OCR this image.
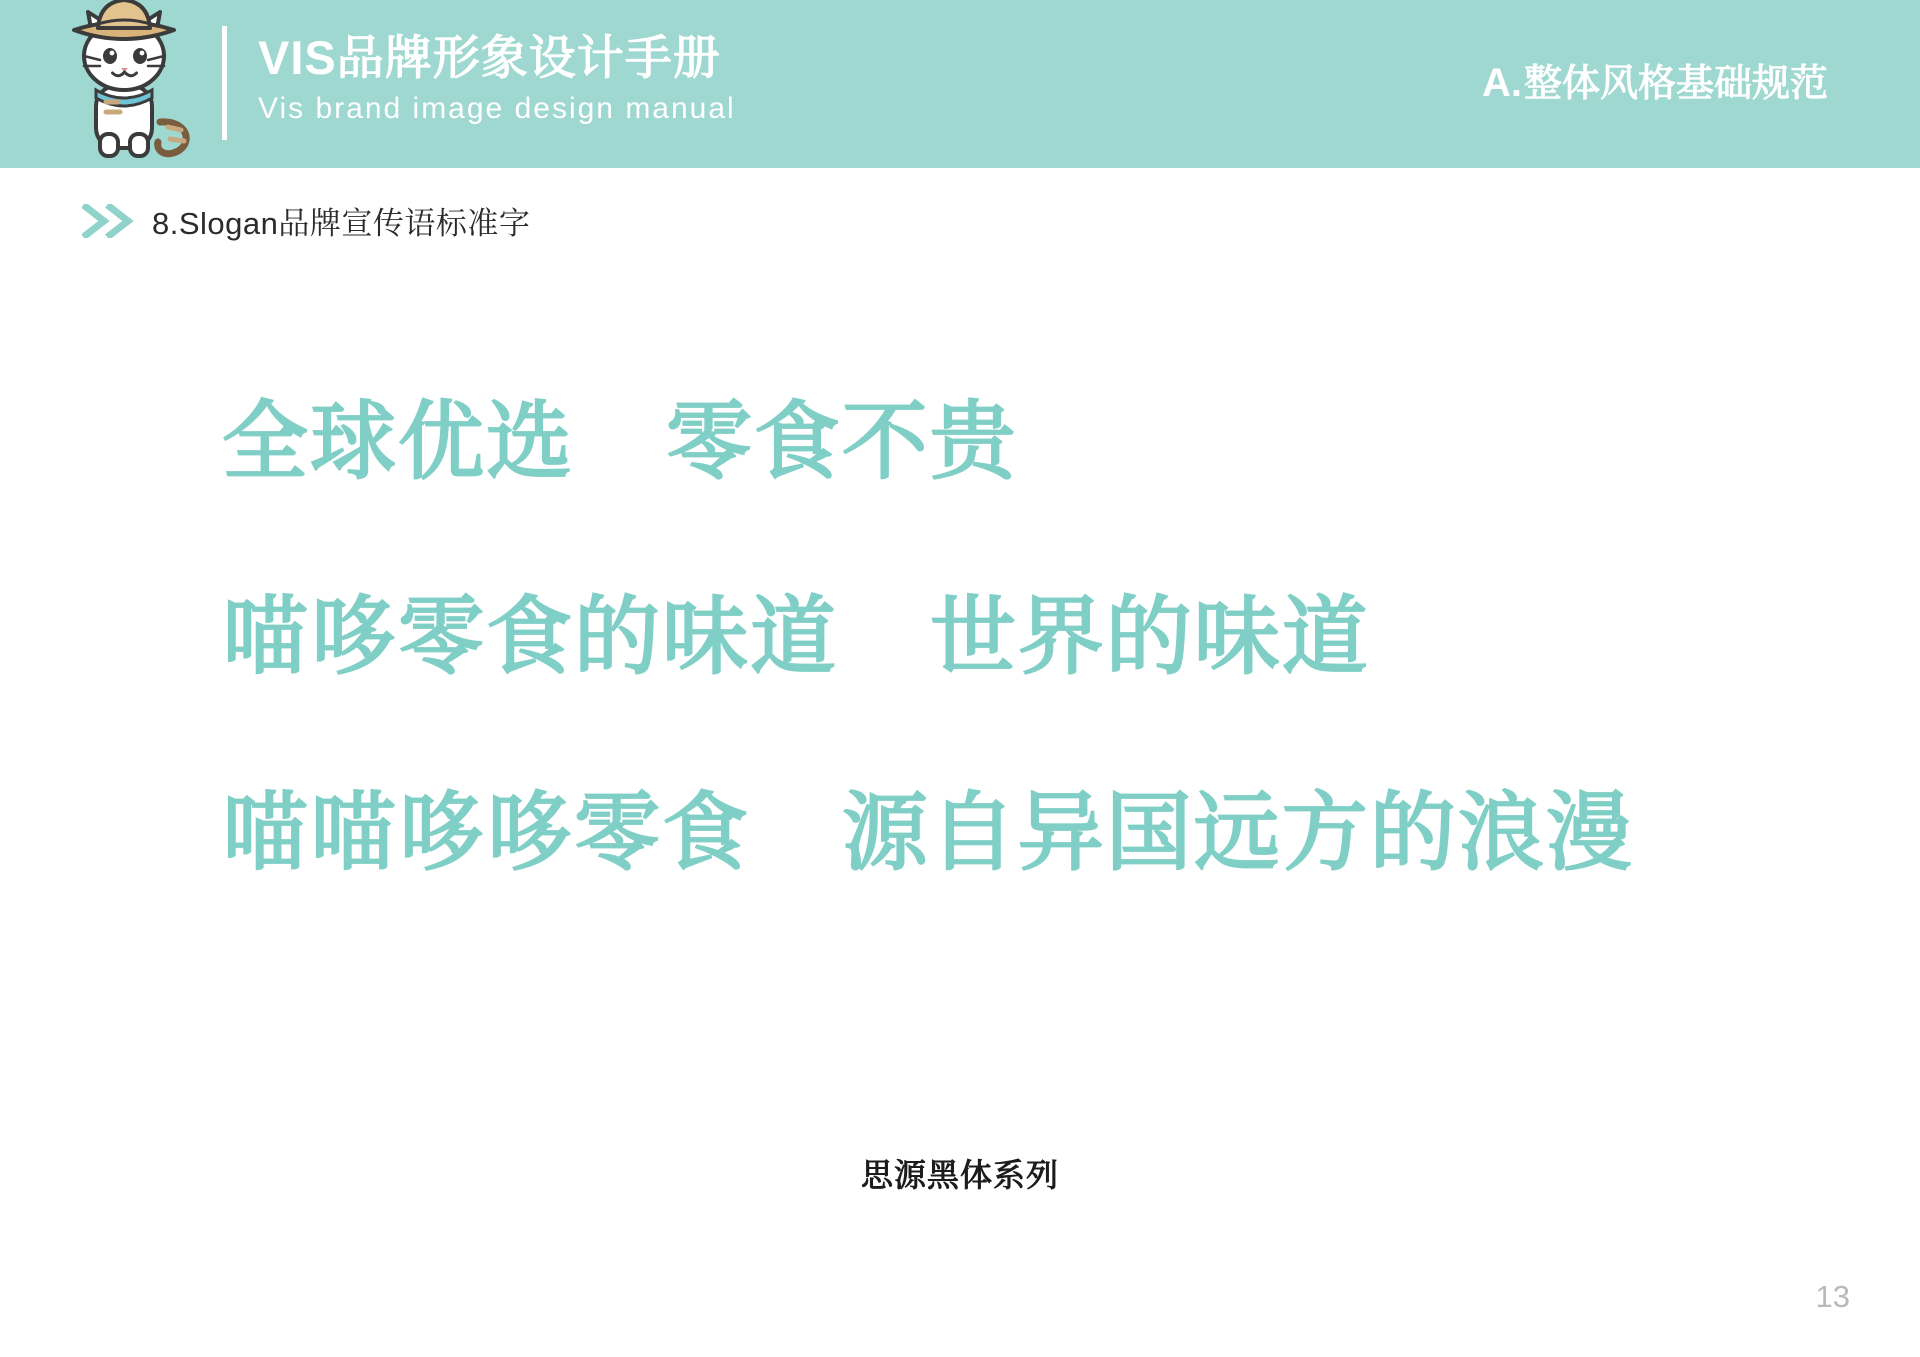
VIS品牌形象设计手册
Vis brand image design manual
A. 整体风格基础规范
8.Slogan品牌宣传语标准字
全球优选 零食不贵
喵哆零食的味道 世界的味道
喵喵哆哆零食 源自异国远方的浪漫
思源黑体系列
13
